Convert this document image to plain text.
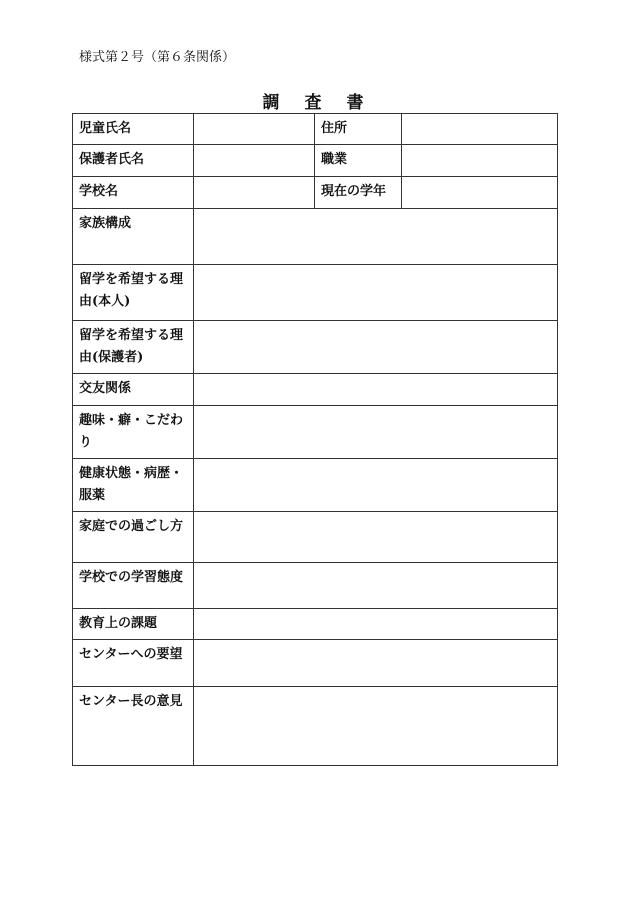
様式第２号（第６条関係）
調　査　書
児童氏名		住所	
保護者氏名		職業	
学校名		現在の学年	
家族構成			
留学を希望する理由(本人)			
留学を希望する理由(保護者)			
交友関係			
趣味・癖・こだわり			
健康状態・病歴・服薬			
家庭での過ごし方			
学校での学習態度			
教育上の課題			
センターへの要望			
センター長の意見			
